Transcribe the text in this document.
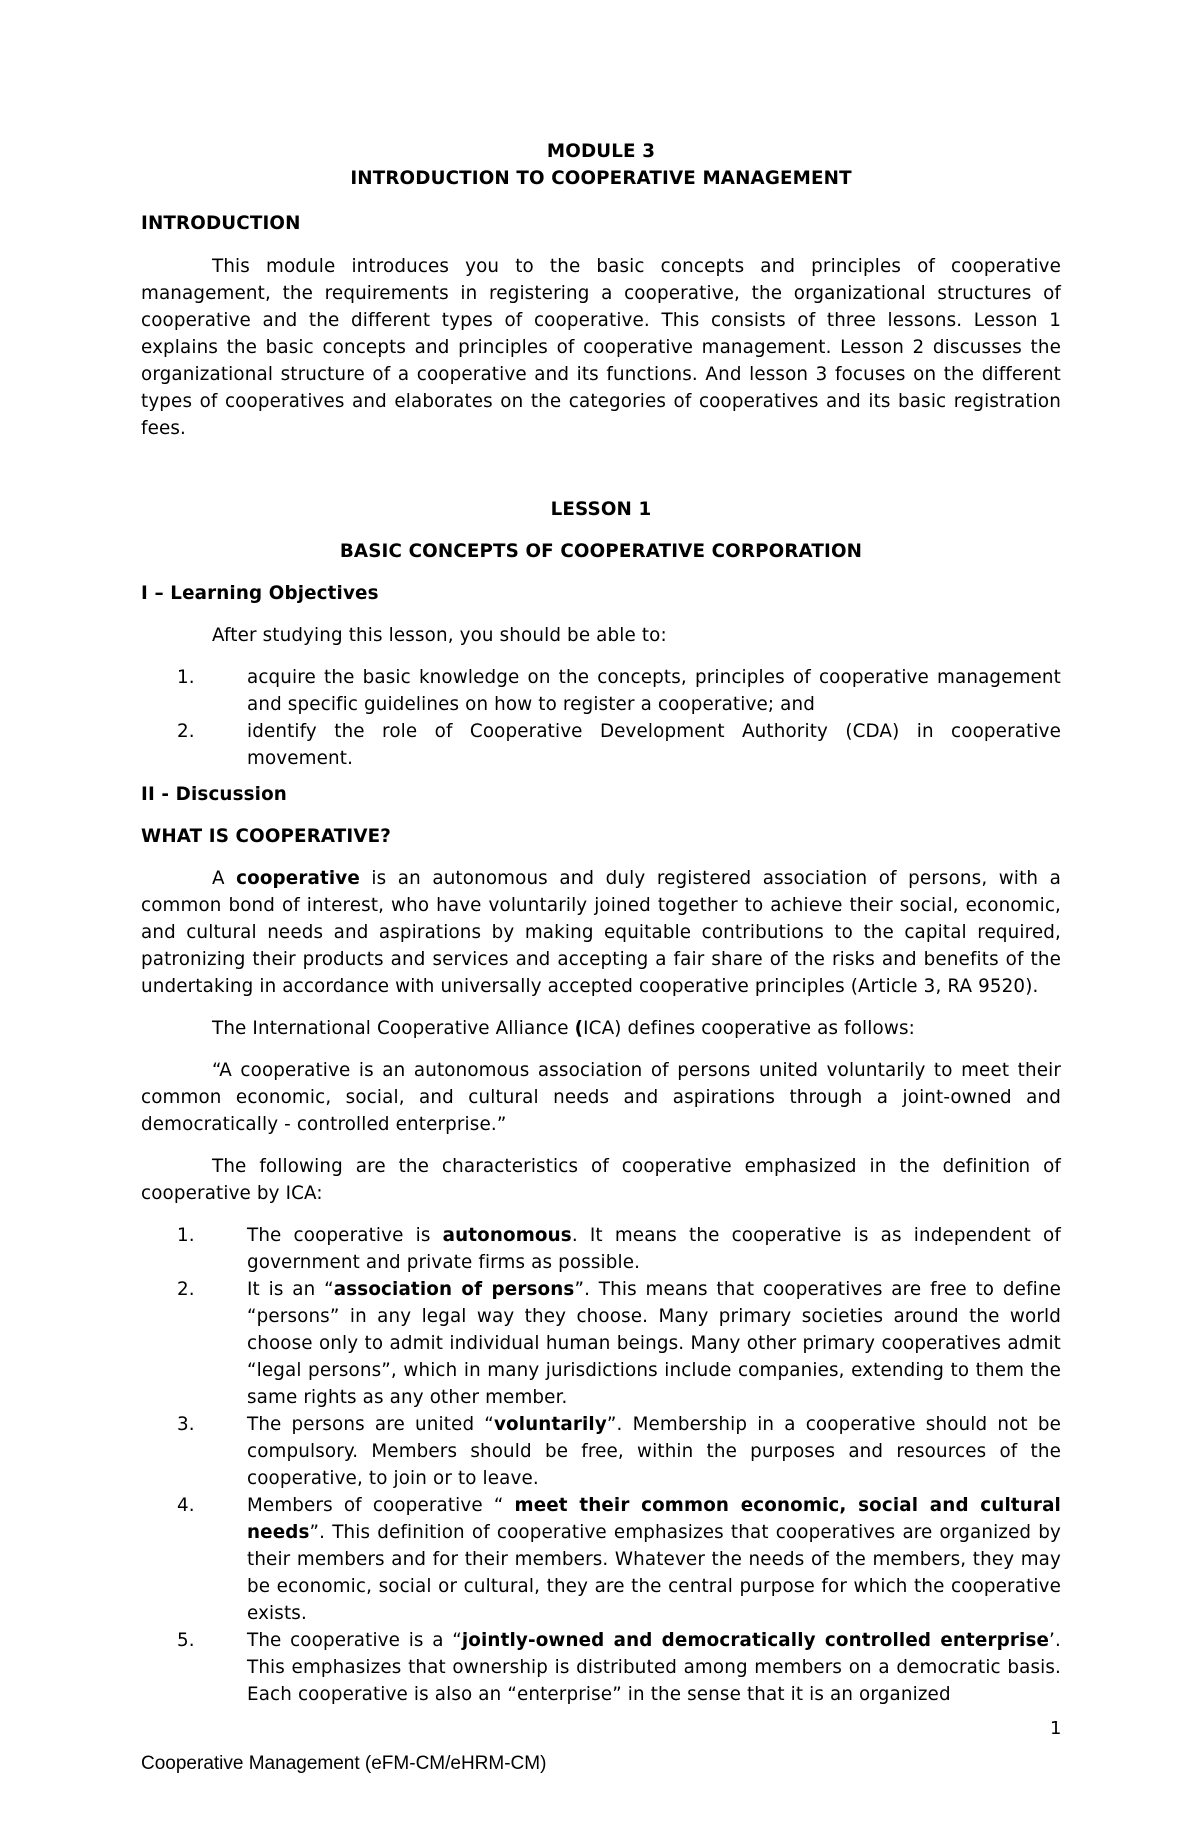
MODULE 3

INTRODUCTION TO COOPERATIVE MANAGEMENT

INTRODUCTION

This module introduces you to the basic concepts and principles of cooperative management, the requirements in registering a cooperative, the organizational structures of cooperative and the different types of cooperative. This consists of three lessons. Lesson 1 explains the basic concepts and principles of cooperative management. Lesson 2 discusses the organizational structure of a cooperative and its functions. And lesson 3 focuses on the different types of cooperatives and elaborates on the categories of cooperatives and its basic registration fees.

LESSON 1

BASIC CONCEPTS OF COOPERATIVE CORPORATION

I – Learning Objectives

After studying this lesson, you should be able to:

1.	acquire the basic knowledge on the concepts, principles of cooperative management and specific guidelines on how to register a cooperative; and
2.	identify the role of Cooperative Development Authority (CDA) in cooperative movement.

II - Discussion

WHAT IS COOPERATIVE?

A cooperative is an autonomous and duly registered association of persons, with a common bond of interest, who have voluntarily joined together to achieve their social, economic, and cultural needs and aspirations by making equitable contributions to the capital required, patronizing their products and services and accepting a fair share of the risks and benefits of the undertaking in accordance with universally accepted cooperative principles (Article 3, RA 9520).

The International Cooperative Alliance (ICA) defines cooperative as follows:

“A cooperative is an autonomous association of persons united voluntarily to meet their common economic, social, and cultural needs and aspirations through a joint-owned and democratically - controlled enterprise.”

The following are the characteristics of cooperative emphasized in the definition of cooperative by ICA:

1.	The cooperative is autonomous. It means the cooperative is as independent of government and private firms as possible.
2.	It is an “association of persons”. This means that cooperatives are free to define “persons” in any legal way they choose. Many primary societies around the world choose only to admit individual human beings. Many other primary cooperatives admit “legal persons”, which in many jurisdictions include companies, extending to them the same rights as any other member.
3.	The persons are united “voluntarily”. Membership in a cooperative should not be compulsory. Members should be free, within the purposes and resources of the cooperative, to join or to leave.
4.	Members of cooperative “ meet their common economic, social and cultural needs”. This definition of cooperative emphasizes that cooperatives are organized by their members and for their members. Whatever the needs of the members, they may be economic, social or cultural, they are the central purpose for which the cooperative exists.
5.	The cooperative is a “jointly-owned and democratically controlled enterprise’. This emphasizes that ownership is distributed among members on a democratic basis. Each cooperative is also an “enterprise” in the sense that it is an organized
1
Cooperative Management (eFM-CM/eHRM-CM)
